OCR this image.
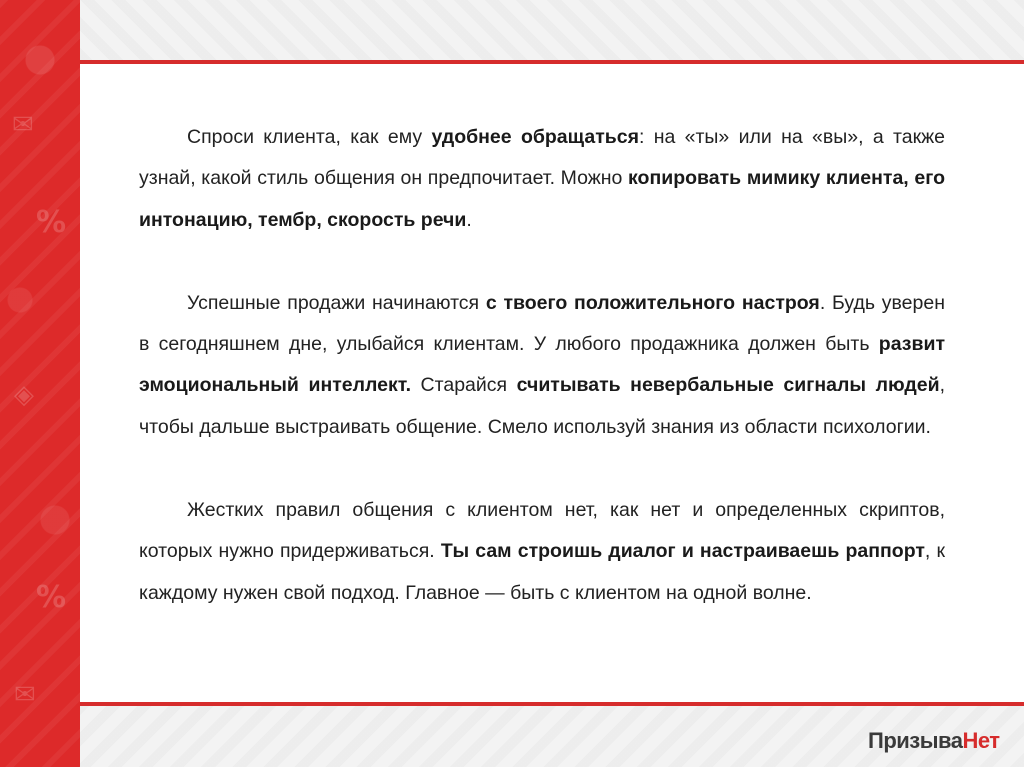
✉
%
◈
%
✉

Спроси клиента, как ему удобнее обращаться: на «ты» или на «вы», а также узнай, какой стиль общения он предпочитает. Можно копировать мимику клиента, его интонацию, тембр, скорость речи.

Успешные продажи начинаются с твоего положительного настроя. Будь уверен в сегодняшнем дне, улыбайся клиентам. У любого продажника должен быть развит эмоциональный интеллект. Старайся считывать невербальные сигналы людей, чтобы дальше выстраивать общение. Смело используй знания из области психологии.

Жестких правил общения с клиентом нет, как нет и определенных скриптов, которых нужно придерживаться. Ты сам строишь диалог и настраиваешь раппорт, к каждому нужен свой подход. Главное — быть с клиентом на одной волне.

ПризываНет
